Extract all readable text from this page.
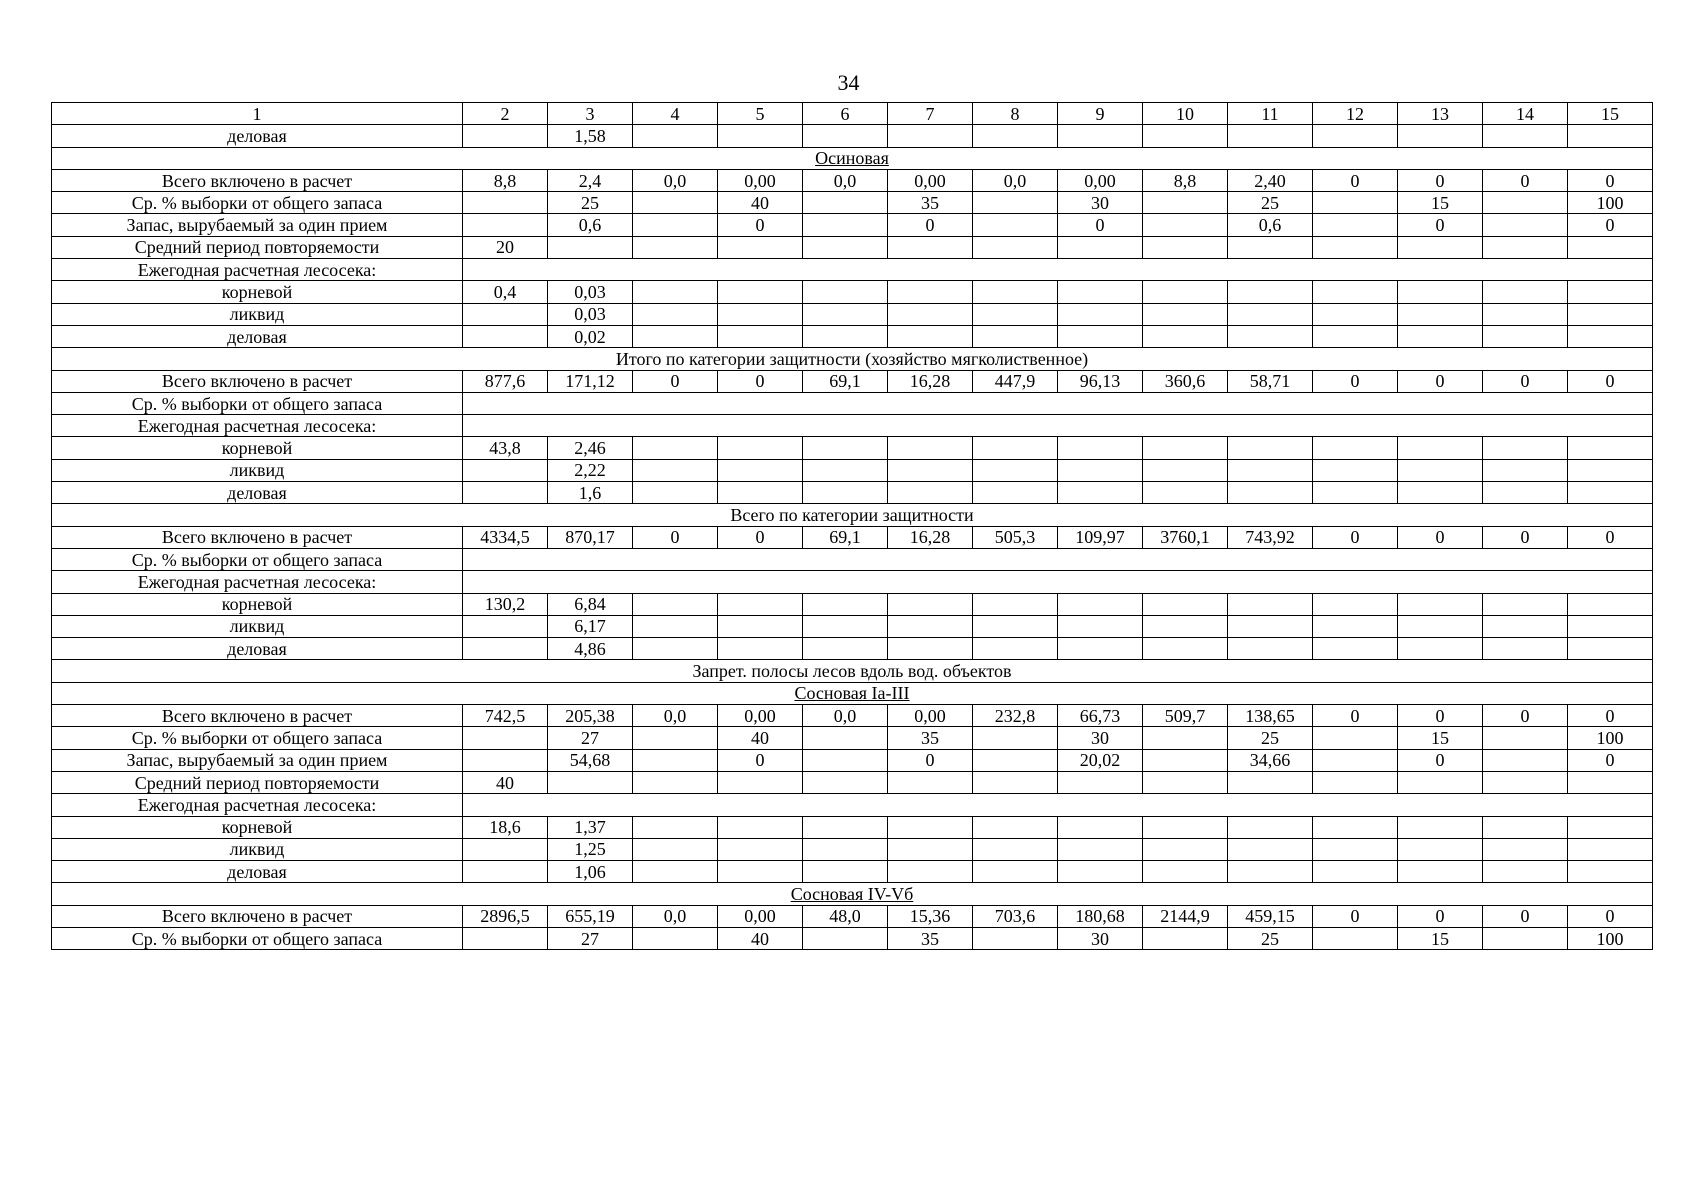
34
1	2	3	4	5	6	7	8	9	10	11	12	13	14	15
деловая		1,58												
Осиновая														
Всего включено в расчет	8,8	2,4	0,0	0,00	0,0	0,00	0,0	0,00	8,8	2,40	0	0	0	0
Ср. % выборки от общего запаса		25		40		35		30		25		15		100
Запас, вырубаемый за один прием		0,6		0		0		0		0,6		0		0
Средний период повторяемости	20													
Ежегодная расчетная лесосека:														
корневой	0,4	0,03												
ликвид		0,03												
деловая		0,02												
Итого по категории защитности (хозяйство мягколиственное)														
Всего включено в расчет	877,6	171,12	0	0	69,1	16,28	447,9	96,13	360,6	58,71	0	0	0	0
Ср. % выборки от общего запаса														
Ежегодная расчетная лесосека:														
корневой	43,8	2,46												
ликвид		2,22												
деловая		1,6												
Всего по категории защитности														
Всего включено в расчет	4334,5	870,17	0	0	69,1	16,28	505,3	109,97	3760,1	743,92	0	0	0	0
Ср. % выборки от общего запаса														
Ежегодная расчетная лесосека:														
корневой	130,2	6,84												
ликвид		6,17												
деловая		4,86												
Запрет. полосы лесов вдоль вод. объектов														
Сосновая Ia-III														
Всего включено в расчет	742,5	205,38	0,0	0,00	0,0	0,00	232,8	66,73	509,7	138,65	0	0	0	0
Ср. % выборки от общего запаса		27		40		35		30		25		15		100
Запас, вырубаемый за один прием		54,68		0		0		20,02		34,66		0		0
Средний период повторяемости	40													
Ежегодная расчетная лесосека:														
корневой	18,6	1,37												
ликвид		1,25												
деловая		1,06												
Сосновая IV-Vб														
Всего включено в расчет	2896,5	655,19	0,0	0,00	48,0	15,36	703,6	180,68	2144,9	459,15	0	0	0	0
Ср. % выборки от общего запаса		27		40		35		30		25		15		100
